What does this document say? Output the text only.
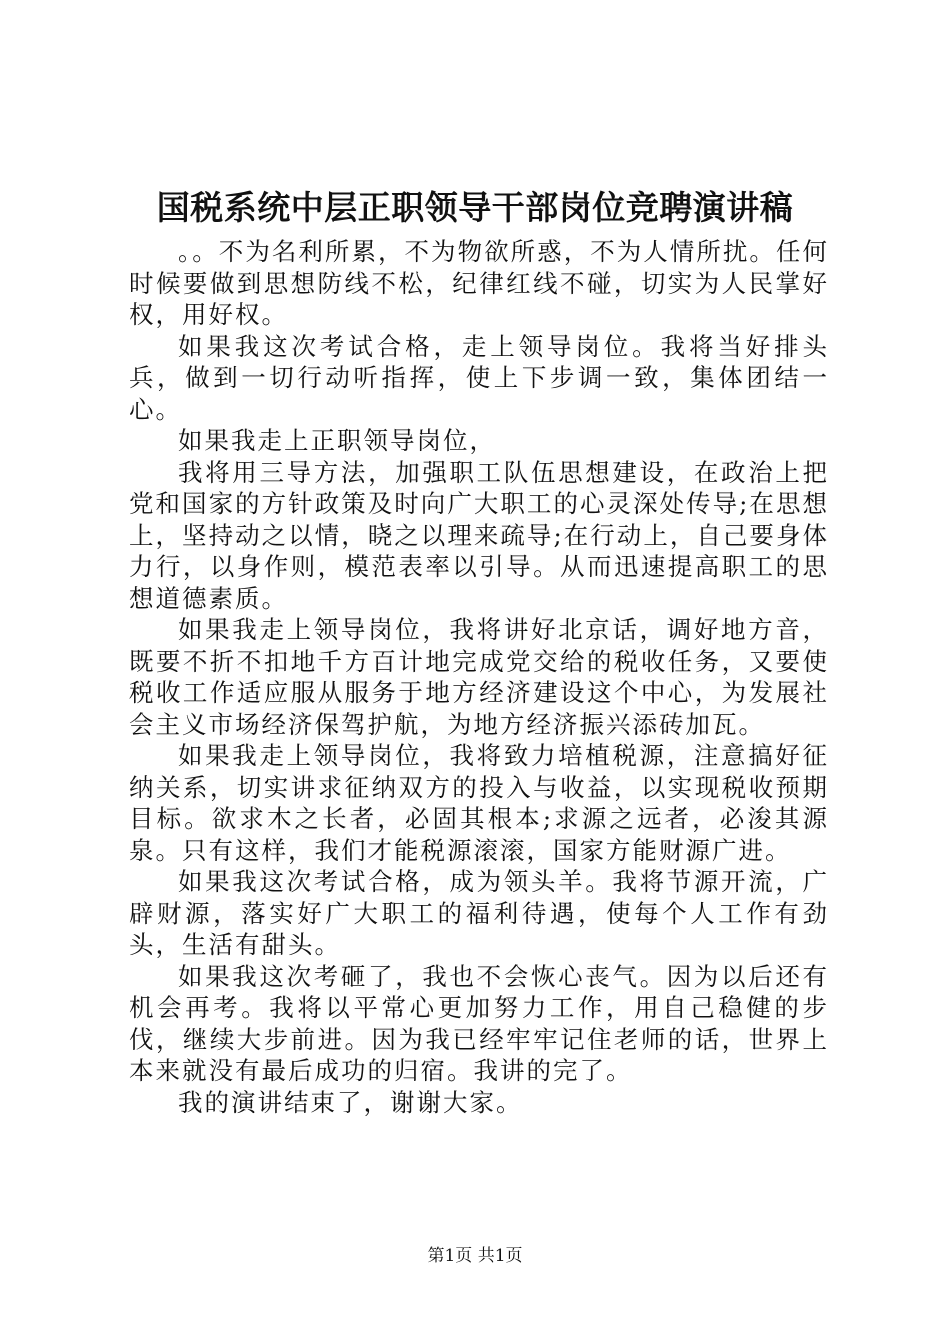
国税系统中层正职领导干部岗位竞聘演讲稿

。。不为名利所累，不为物欲所惑，不为人情所扰。任何时候要做到思想防线不松，纪律红线不碰，切实为人民掌好权，用好权。

如果我这次考试合格，走上领导岗位。我将当好排头兵，做到一切行动听指挥，使上下步调一致，集体团结一心。

如果我走上正职领导岗位，

我将用三导方法，加强职工队伍思想建设，在政治上把党和国家的方针政策及时向广大职工的心灵深处传导;在思想上，坚持动之以情，晓之以理来疏导;在行动上，自己要身体力行，以身作则，模范表率以引导。从而迅速提高职工的思想道德素质。

如果我走上领导岗位，我将讲好北京话，调好地方音，既要不折不扣地千方百计地完成党交给的税收任务，又要使税收工作适应服从服务于地方经济建设这个中心，为发展社会主义市场经济保驾护航，为地方经济振兴添砖加瓦。

如果我走上领导岗位，我将致力培植税源，注意搞好征纳关系，切实讲求征纳双方的投入与收益，以实现税收预期目标。欲求木之长者，必固其根本;求源之远者，必浚其源泉。只有这样，我们才能税源滚滚，国家方能财源广进。

如果我这次考试合格，成为领头羊。我将节源开流，广辟财源，落实好广大职工的福利待遇，使每个人工作有劲头，生活有甜头。

如果我这次考砸了，我也不会恢心丧气。因为以后还有机会再考。我将以平常心更加努力工作，用自己稳健的步伐，继续大步前进。因为我已经牢牢记住老师的话，世界上本来就没有最后成功的归宿。我讲的完了。

我的演讲结束了，谢谢大家。

第1页 共1页
